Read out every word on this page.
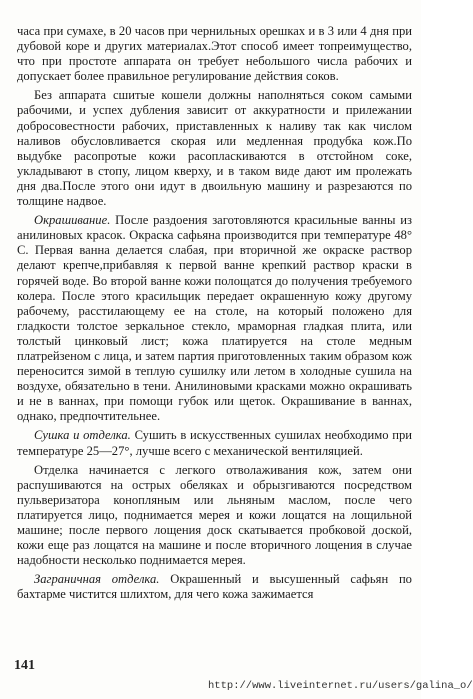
часа при сумахе, в 20 часов при чернильных орешках и в 3 или 4 дня при дубовой коре и других материалах.Этот способ имеет топреимущество, что при простоте аппарата он требует небольшого числа рабочих и допускает более правильное регулирование действия соков.

Без аппарата сшитые кошели должны наполняться соком самыми рабочими, и успех дубления зависит от аккуратности и прилежании добросовестности рабочих, приставленных к наливу так как числом наливов обусловливается скорая или медленная продубка кож.По выдубке расопротые кожи расопласкиваются в отстойном соке, укладывают в стопу, лицом кверху, и в таком виде дают им пролежать дня два.После этого они идут в двоильную машину и разрезаются по толщине надвое.

Окрашивание. После раздоения заготовляются красильные ванны из анилиновых красок. Окраска сафьяна производится при температуре 48° С. Первая ванна делается слабая, при вторичной же окраске раствор делают крепче,прибавляя к первой ванне крепкий раствор краски в горячей воде. Во второй ванне кожи полощатся до получения требуемого колера. После этого красильщик передает окрашенную кожу другому рабочему, расстилающему ее на столе, на который положено для гладкости толстое зеркальное стекло, мраморная гладкая плита, или толстый цинковый лист; кожа платируется на столе медным платрейзеном с лица, и затем партия приготовленных таким образом кож переносится зимой в теплую сушилку или летом в холодные сушила на воздухе, обязательно в тени. Анилиновыми красками можно окрашивать и не в ваннах, при помощи губок или щеток. Окрашивание в ваннах, однако, предпочтительнее.

Сушка и отделка. Сушить в искусственных сушилах необходимо при температуре 25—27°, лучше всего с механической вентиляцией.

Отделка начинается с легкого отволаживания кож, затем они распушиваются на острых обеляках и обрызгиваются посредством пульверизатора конопляным или льняным маслом, после чего платируется лицо, поднимается мерея и кожи лощатся на лощильной машине; после первого лощения доск скатывается пробковой доской, кожи еще раз лощатся на машине и после вторичного лощения в случае надобности несколько поднимается мерея.

Заграничная отделка. Окрашенный и высушенный сафьян по бахтарме чистится шлихтом, для чего кожа зажимается

141
http://www.liveinternet.ru/users/galina_o/
